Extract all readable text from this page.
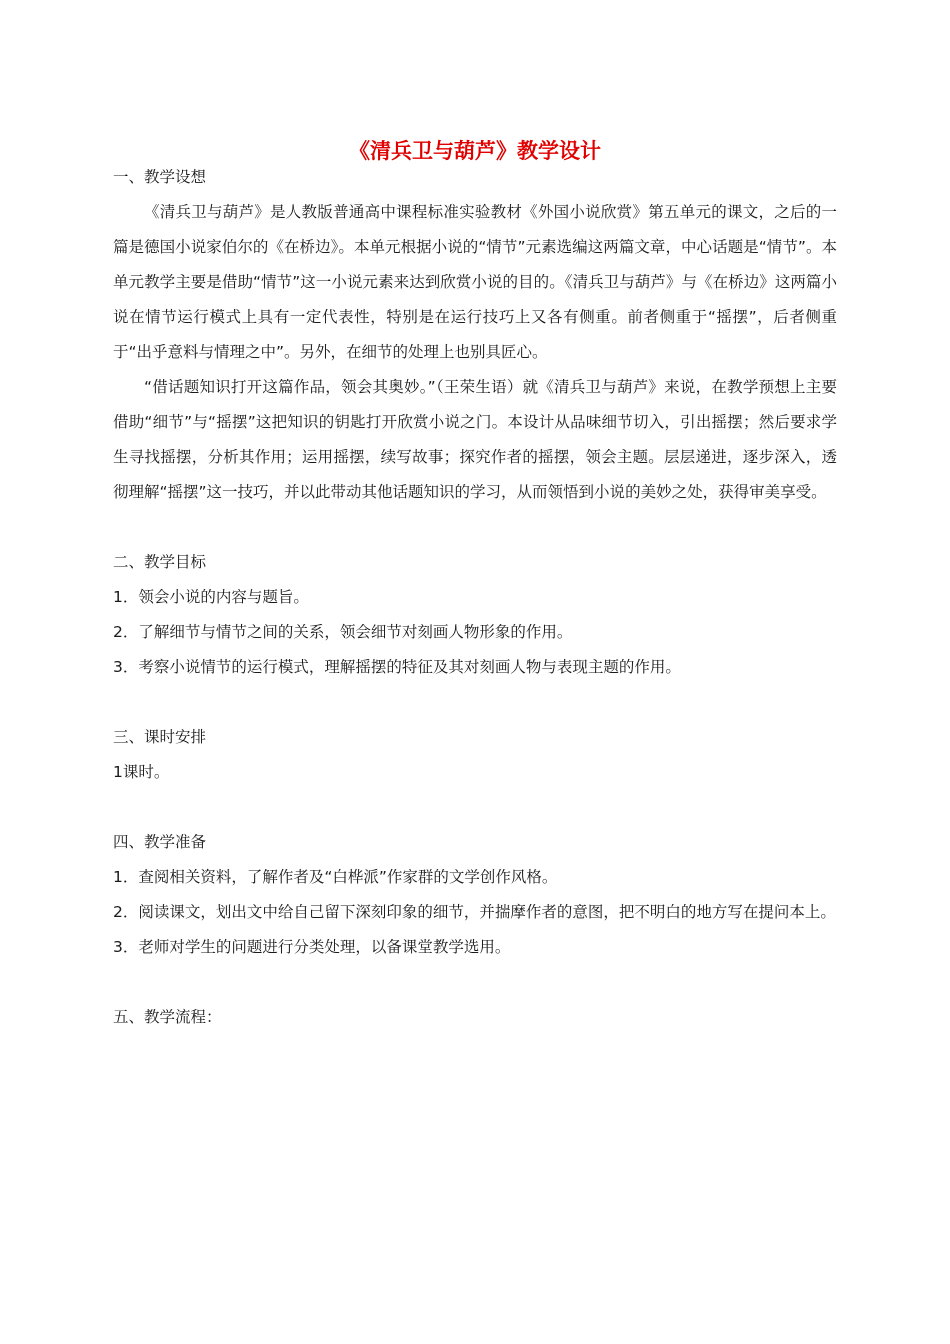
《清兵卫与葫芦》教学设计

一、教学设想

《清兵卫与葫芦》是人教版普通高中课程标准实验教材《外国小说欣赏》第五单元的课文，之后的一篇是德国小说家伯尔的《在桥边》。本单元根据小说的“情节”元素选编这两篇文章，中心话题是“情节”。本单元教学主要是借助“情节”这一小说元素来达到欣赏小说的目的。《清兵卫与葫芦》与《在桥边》这两篇小说在情节运行模式上具有一定代表性，特别是在运行技巧上又各有侧重。前者侧重于“摇摆”，后者侧重于“出乎意料与情理之中”。另外，在细节的处理上也别具匠心。

“借话题知识打开这篇作品，领会其奥妙。”（王荣生语）就《清兵卫与葫芦》来说，在教学预想上主要借助“细节”与“摇摆”这把知识的钥匙打开欣赏小说之门。本设计从品味细节切入，引出摇摆；然后要求学生寻找摇摆，分析其作用；运用摇摆，续写故事；探究作者的摇摆，领会主题。层层递进，逐步深入，透彻理解“摇摆”这一技巧，并以此带动其他话题知识的学习，从而领悟到小说的美妙之处，获得审美享受。

二、教学目标

1．领会小说的内容与题旨。

2．了解细节与情节之间的关系，领会细节对刻画人物形象的作用。

3．考察小说情节的运行模式，理解摇摆的特征及其对刻画人物与表现主题的作用。

三、课时安排

1课时。

四、教学准备

1．查阅相关资料，了解作者及“白桦派”作家群的文学创作风格。

2．阅读课文，划出文中给自己留下深刻印象的细节，并揣摩作者的意图，把不明白的地方写在提问本上。

3．老师对学生的问题进行分类处理，以备课堂教学选用。

五、教学流程：
